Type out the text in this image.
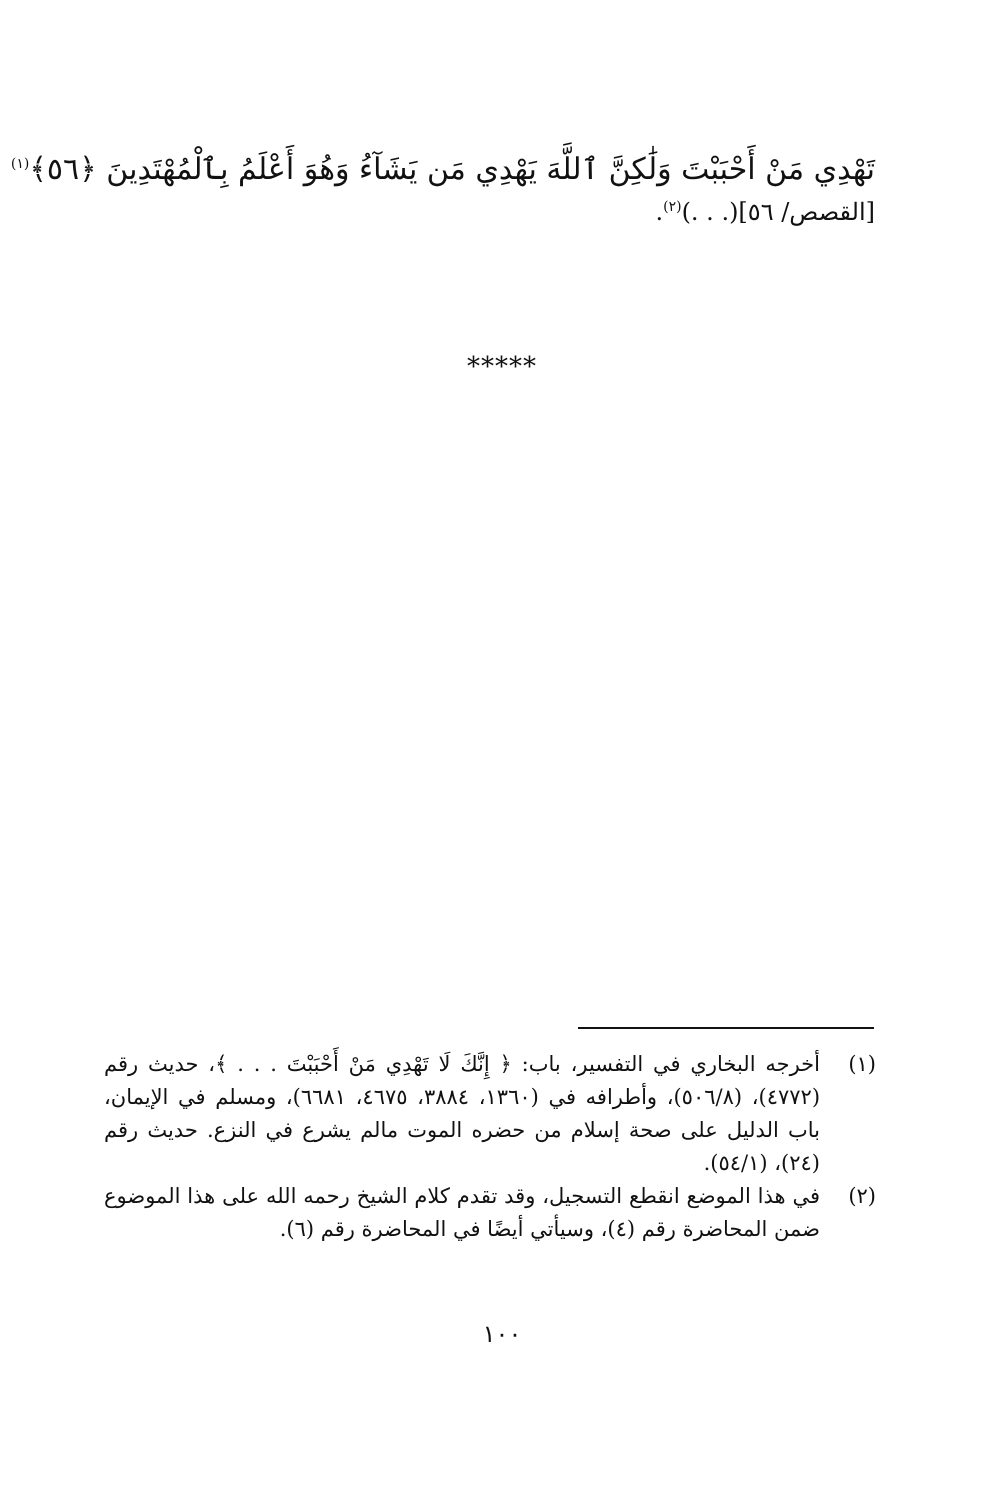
تَهْدِي مَنْ أَحْبَبْتَ وَلَٰكِنَّ ٱللَّهَ يَهْدِي مَن يَشَآءُ وَهُوَ أَعْلَمُ بِٱلْمُهْتَدِينَ ﴿٥٦﴾$^{(١)}$
[القصص/ ٥٦](. . .)$^{(٢)}$.
*****
(١)
أخرجه البخاري في التفسير، باب: ﴿ إِنَّكَ لَا تَهْدِي مَنْ أَحْبَبْتَ . . . ﴾، حديث رقم (٤٧٧٢)، (٥٠٦/٨)، وأطرافه في (١٣٦٠، ٣٨٨٤، ٤٦٧٥، ٦٦٨١)، ومسلم في الإيمان، باب الدليل على صحة إسلام من حضره الموت مالم يشرع في النزع. حديث رقم (٢٤)، (٥٤/١).
(٢)
في هذا الموضع انقطع التسجيل، وقد تقدم كلام الشيخ رحمه الله على هذا الموضوع ضمن المحاضرة رقم (٤)، وسيأتي أيضًا في المحاضرة رقم (٦).
١٠٠
